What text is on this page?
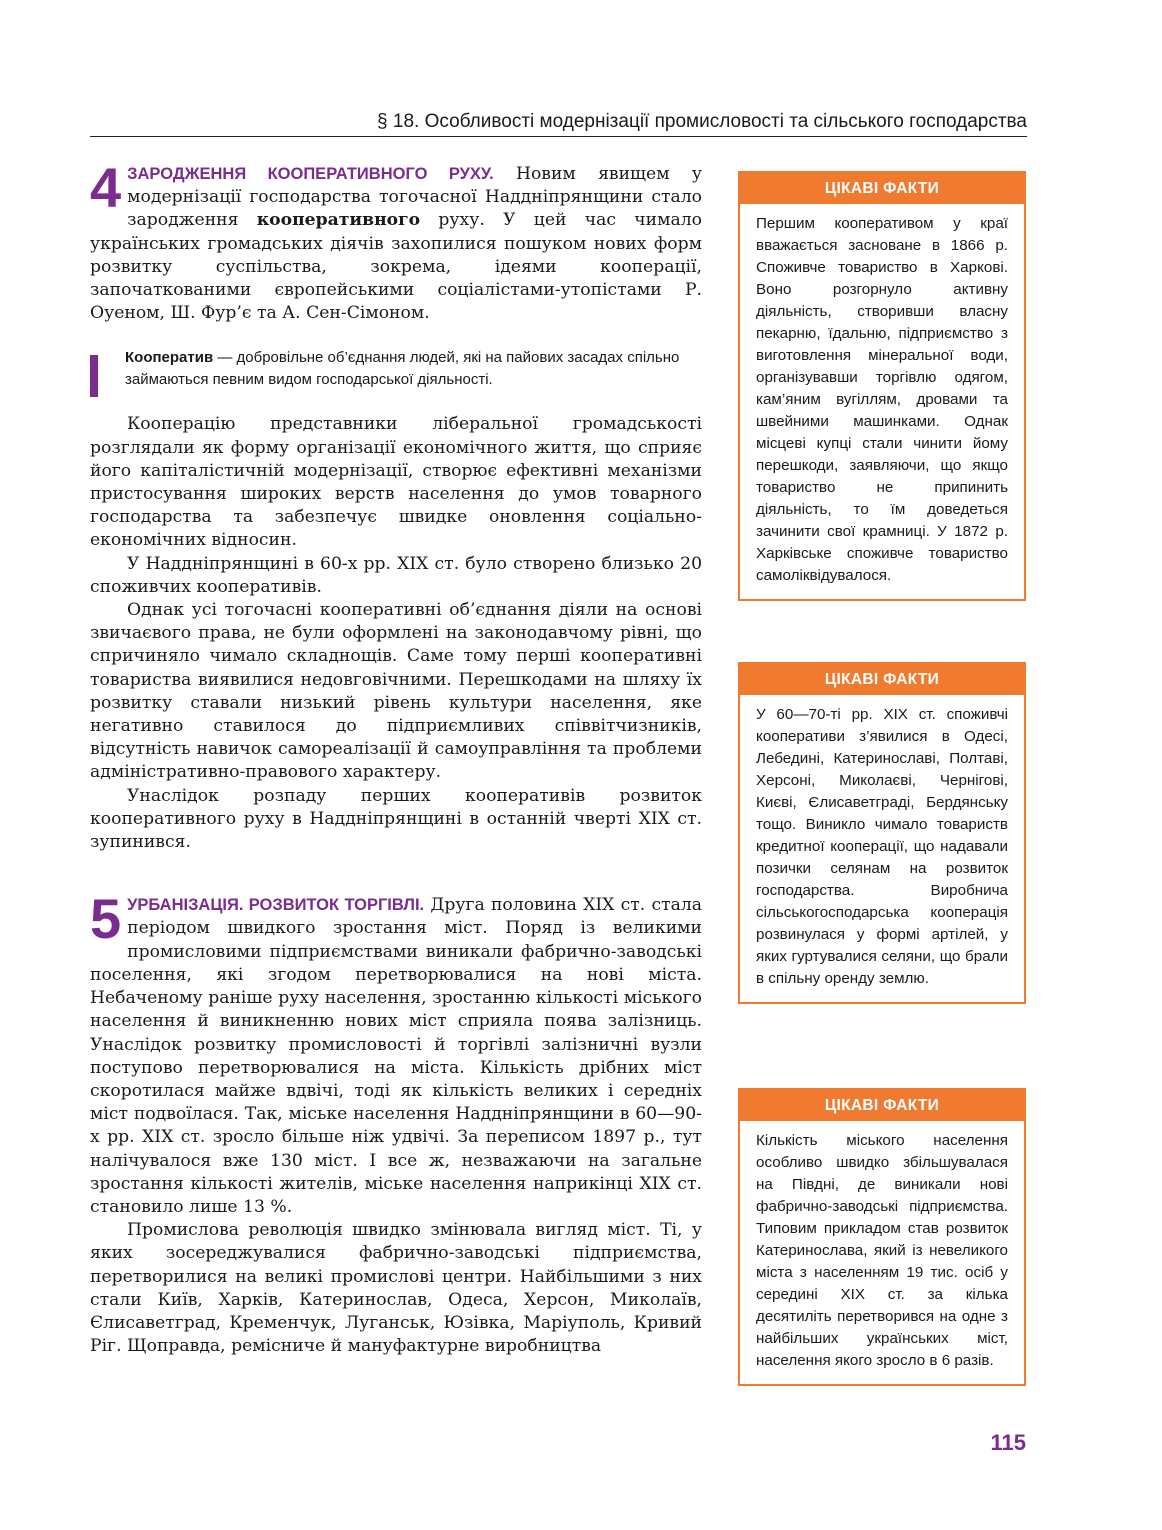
§ 18. Особливості модернізації промисловості та сільського господарства
4 ЗАРОДЖЕННЯ КООПЕРАТИВНОГО РУХУ. Новим явищем у модернізації господарства тогочасної Наддніпрянщини стало зародження кооперативного руху. У цей час чимало українських громадських діячів захопилися пошуком нових форм розвитку суспільства, зокрема, ідеями кооперації, започаткованими європейськими соціалістами-утопістами Р. Оуеном, Ш. Фур’є та А. Сен-Сімоном.

Кооператив — добровільне об’єднання людей, які на пайових засадах спільно займаються певним видом господарської діяльності.

Кооперацію представники ліберальної громадськості розглядали як форму організації економічного життя, що сприяє його капіталістичній модернізації, створює ефективні механізми пристосування широких верств населення до умов товарного господарства та забезпечує швидке оновлення соціально-економічних відносин.

У Наддніпрянщині в 60-х рр. ХІХ ст. було створено близько 20 споживчих кооперативів.

Однак усі тогочасні кооперативні об’єднання діяли на основі звичаєвого права, не були оформлені на законодавчому рівні, що спричиняло чимало складнощів. Саме тому перші кооперативні товариства виявилися недовговічними. Перешкодами на шляху їх розвитку ставали низький рівень культури населення, яке негативно ставилося до підприємливих співвітчизників, відсутність навичок самореалізації й самоуправління та проблеми адміністративно-правового характеру.

Унаслідок розпаду перших кооперативів розвиток кооперативного руху в Наддніпрянщині в останній чверті ХІХ ст. зупинився.

5 УРБАНІЗАЦІЯ. РОЗВИТОК ТОРГІВЛІ. Друга половина ХІХ ст. стала періодом швидкого зростання міст. Поряд із великими промисловими підприємствами виникали фабрично-заводські поселення, які згодом перетворювалися на нові міста. Небаченому раніше руху населення, зростанню кількості міського населення й виникненню нових міст сприяла поява залізниць. Унаслідок розвитку промисловості й торгівлі залізничні вузли поступово перетворювалися на міста. Кількість дрібних міст скоротилася майже вдвічі, тоді як кількість великих і середніх міст подвоїлася. Так, міське населення Наддніпрянщини в 60—90-х рр. ХІХ ст. зросло більше ніж удвічі. За переписом 1897 р., тут налічувалося вже 130 міст. І все ж, незважаючи на загальне зростання кількості жителів, міське населення наприкінці ХІХ ст. становило лише 13 %.

Промислова революція швидко змінювала вигляд міст. Ті, у яких зосереджувалися фабрично-заводські підприємства, перетворилися на великі промислові центри. Найбільшими з них стали Київ, Харків, Катеринослав, Одеса, Херсон, Миколаїв, Єлисаветград, Кременчук, Луганськ, Юзівка, Маріуполь, Кривий Ріг. Щоправда, ремісниче й мануфактурне виробництва

ЦІКАВІ ФАКТИ
Першим кооперативом у краї вважається засноване в 1866 р. Споживче товариство в Харкові. Воно розгорнуло активну діяльність, створивши власну пекарню, їдальню, підприємство з виготовлення мінеральної води, організувавши торгівлю одягом, кам’яним вугіллям, дровами та швейними машинками. Однак місцеві купці стали чинити йому перешкоди, заявляючи, що якщо товариство не припинить діяльність, то їм доведеться зачинити свої крамниці. У 1872 р. Харківське споживче товариство самоліквідувалося.
ЦІКАВІ ФАКТИ
У 60—70-ті рр. ХІХ ст. споживчі кооперативи з’явилися в Одесі, Лебедині, Катеринославі, Полтаві, Херсоні, Миколаєві, Чернігові, Києві, Єлисаветграді, Бердянську тощо. Виникло чимало товариств кредитної кооперації, що надавали позички селянам на розвиток господарства. Виробнича сільськогосподарська кооперація розвинулася у формі артілей, у яких гуртувалися селяни, що брали в спільну оренду землю.
ЦІКАВІ ФАКТИ
Кількість міського населення особливо швидко збільшувалася на Півдні, де виникали нові фабрично-заводські підприємства. Типовим прикладом став розвиток Катеринослава, який із невеликого міста з населенням 19 тис. осіб у середині ХІХ ст. за кілька десятиліть перетворився на одне з найбільших українських міст, населення якого зросло в 6 разів.
115
